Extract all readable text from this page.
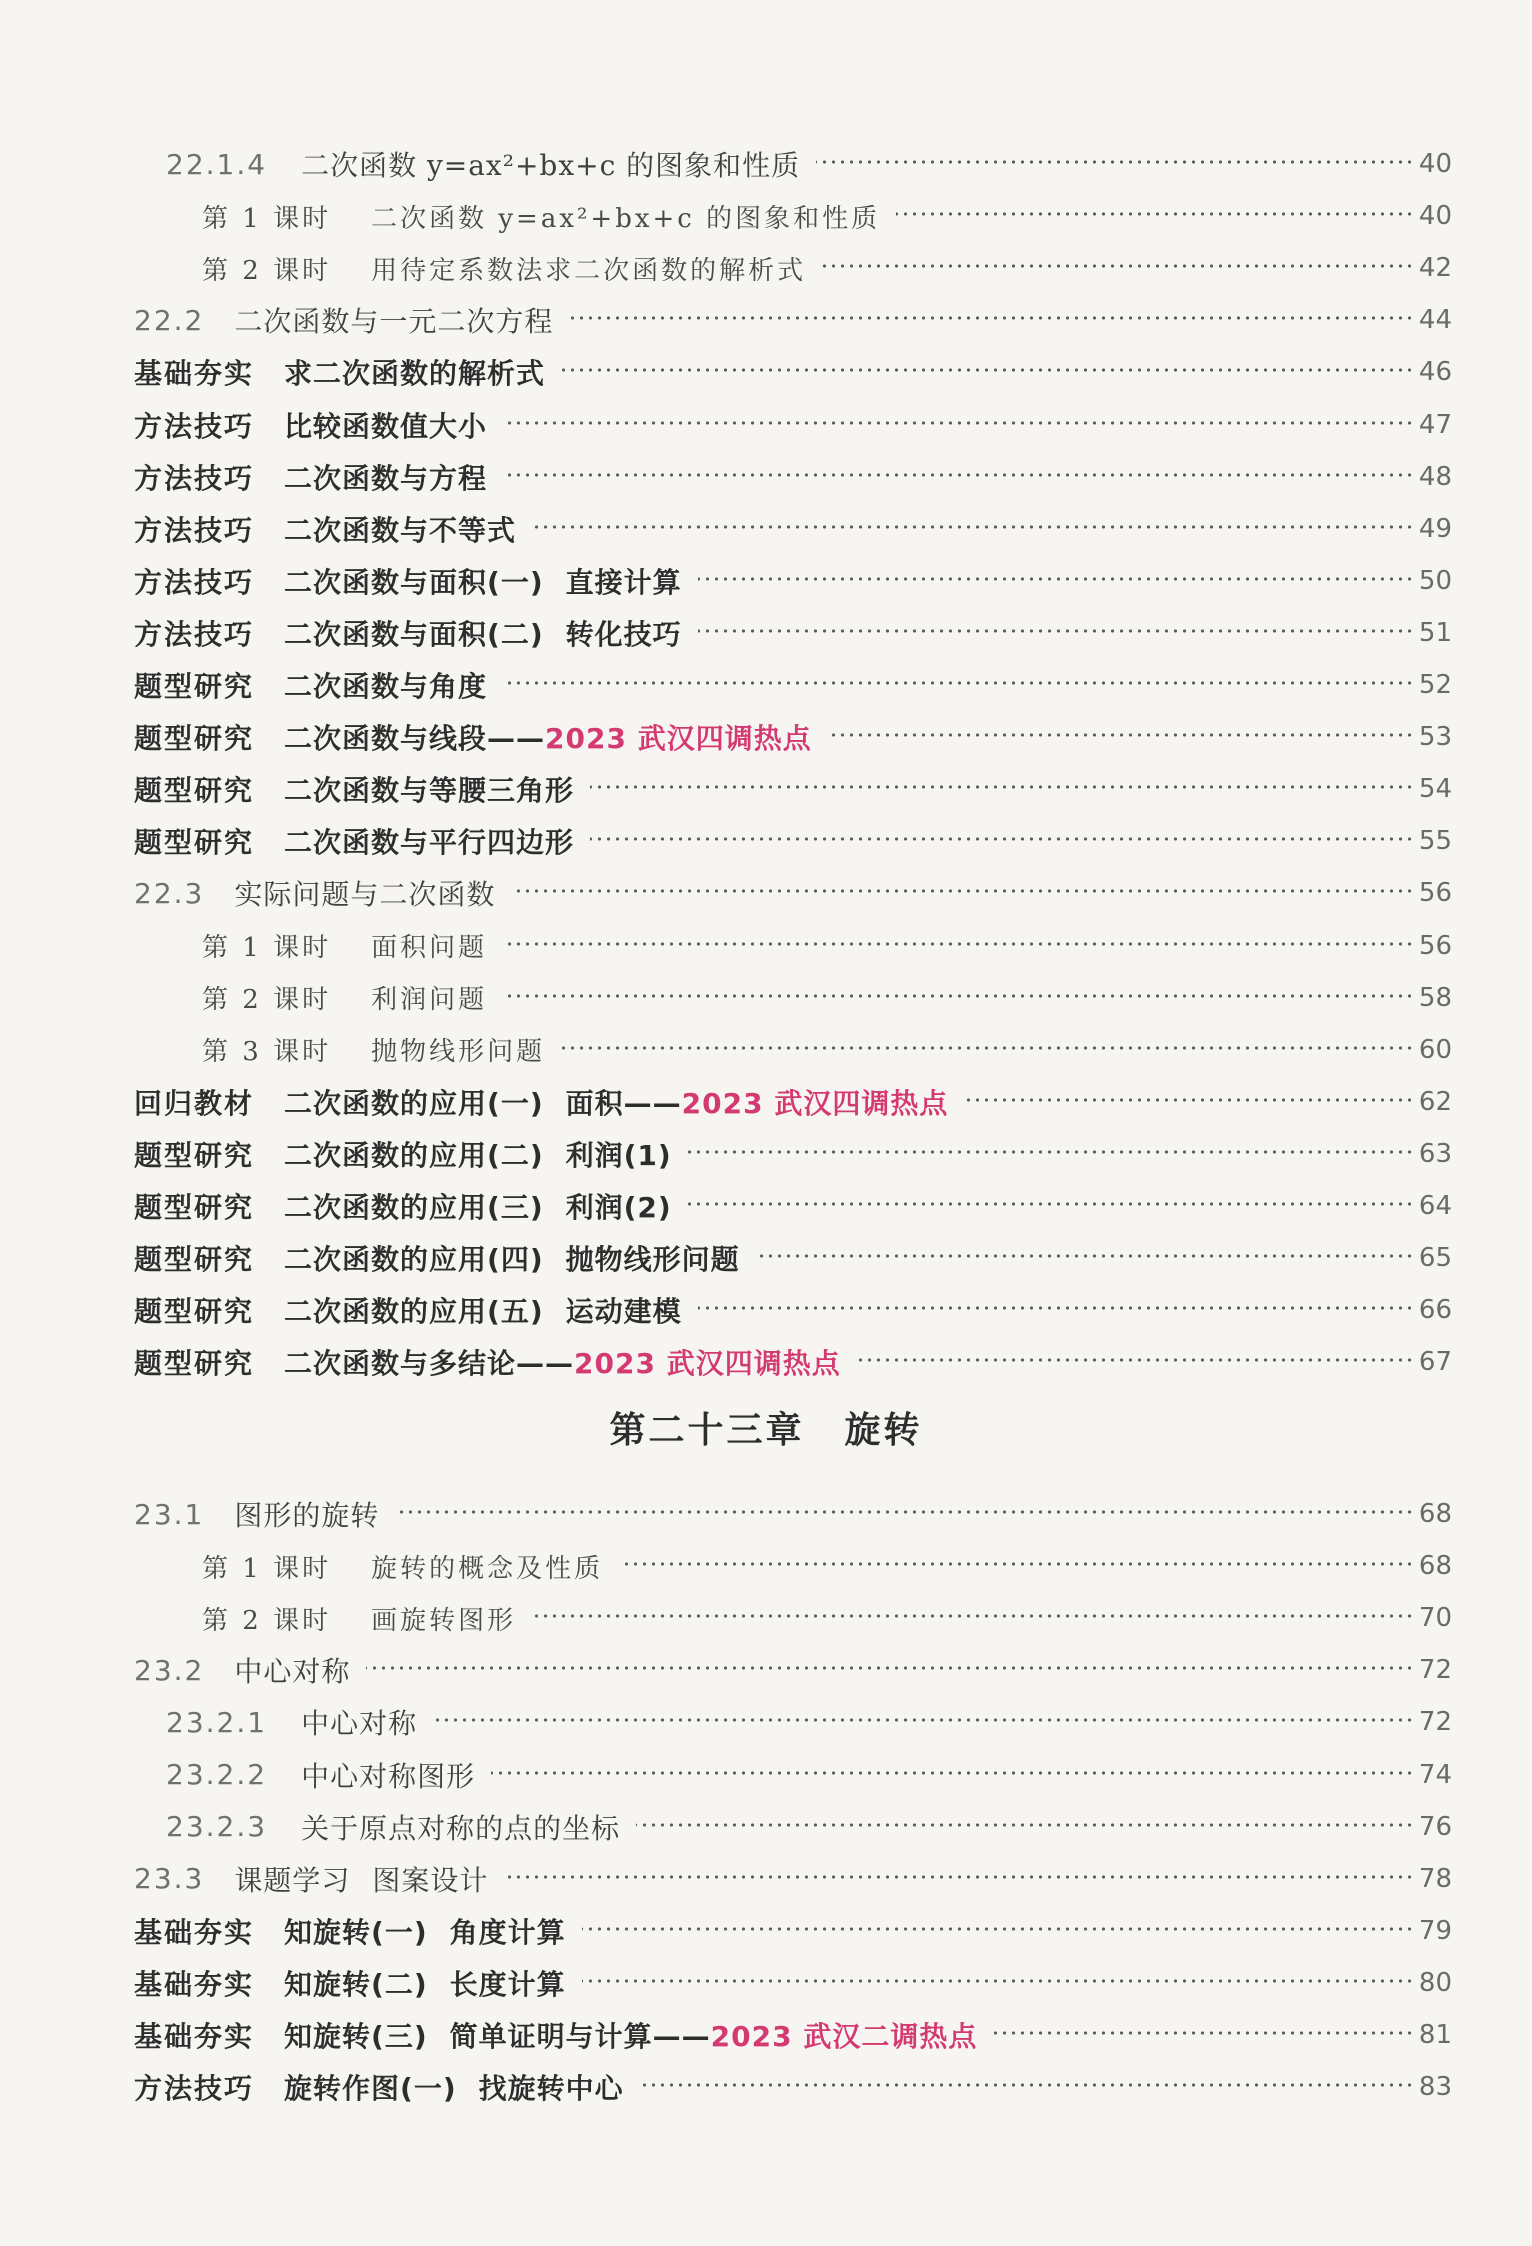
22.1.4 二次函数 y=ax²+bx+c 的图象和性质	40
第 1 课时 二次函数 y=ax²+bx+c 的图象和性质	40
第 2 课时 用待定系数法求二次函数的解析式	42
22.2 二次函数与一元二次方程	44
基础夯实 求二次函数的解析式	46
方法技巧 比较函数值大小	47
方法技巧 二次函数与方程	48
方法技巧 二次函数与不等式	49
方法技巧 二次函数与面积(一) 直接计算	50
方法技巧 二次函数与面积(二) 转化技巧	51
题型研究 二次函数与角度	52
题型研究 二次函数与线段—— 2023 武汉四调热点	53
题型研究 二次函数与等腰三角形	54
题型研究 二次函数与平行四边形	55
22.3 实际问题与二次函数	56
第 1 课时 面积问题	56
第 2 课时 利润问题	58
第 3 课时 抛物线形问题	60
回归教材 二次函数的应用(一) 面积—— 2023 武汉四调热点	62
题型研究 二次函数的应用(二) 利润(1)	63
题型研究 二次函数的应用(三) 利润(2)	64
题型研究 二次函数的应用(四) 抛物线形问题	65
题型研究 二次函数的应用(五) 运动建模	66
题型研究 二次函数与多结论—— 2023 武汉四调热点	67
23.1 图形的旋转	68
第 1 课时 旋转的概念及性质	68
第 2 课时 画旋转图形	70
23.2 中心对称	72
23.2.1 中心对称	72
23.2.2 中心对称图形	74
23.2.3 关于原点对称的点的坐标	76
23.3 课题学习 图案设计	78
基础夯实 知旋转(一) 角度计算	79
基础夯实 知旋转(二) 长度计算	80
基础夯实 知旋转(三) 简单证明与计算—— 2023 武汉二调热点	81
方法技巧 旋转作图(一) 找旋转中心	83
第二十三章 旋转
